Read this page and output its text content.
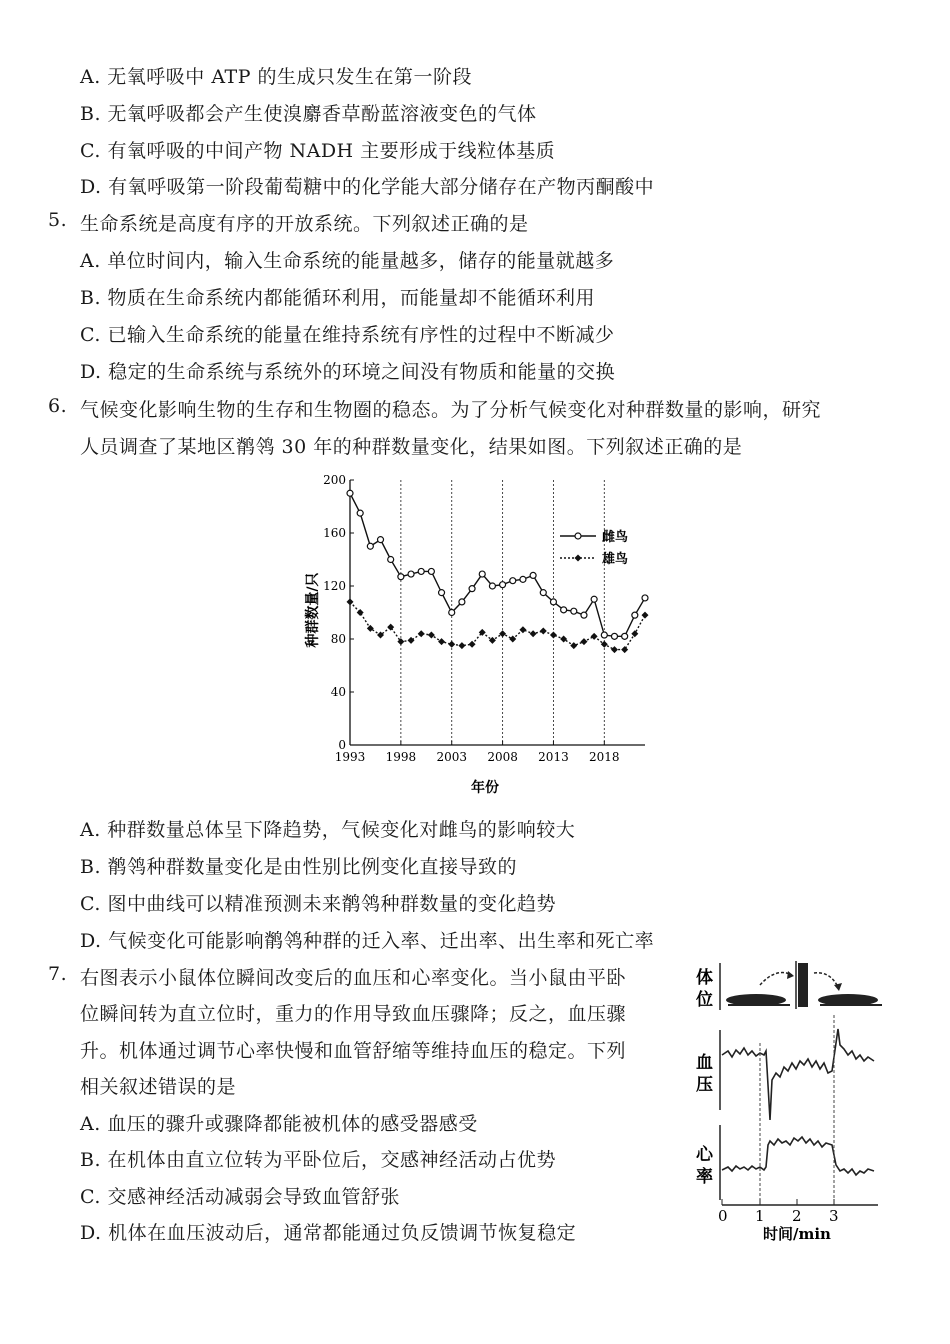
A. 无氧呼吸中 ATP 的生成只发生在第一阶段
B. 无氧呼吸都会产生使溴麝香草酚蓝溶液变色的气体
C. 有氧呼吸的中间产物 NADH 主要形成于线粒体基质
D. 有氧呼吸第一阶段葡萄糖中的化学能大部分储存在产物丙酮酸中
5. 生命系统是高度有序的开放系统。下列叙述正确的是
A. 单位时间内，输入生命系统的能量越多，储存的能量就越多
B. 物质在生命系统内都能循环利用，而能量却不能循环利用
C. 已输入生命系统的能量在维持系统有序性的过程中不断减少
D. 稳定的生命系统与系统外的环境之间没有物质和能量的交换
6. 气候变化影响生物的生存和生物圈的稳态。为了分析气候变化对种群数量的影响，研究
人员调查了某地区鹡鸰 30 年的种群数量变化，结果如图。下列叙述正确的是
0
40
80
120
160
200
1993 1998 2003 2008 2013 2018
雌鸟
雄鸟
种群数量/只
年份
A. 种群数量总体呈下降趋势，气候变化对雌鸟的影响较大
B. 鹡鸰种群数量变化是由性别比例变化直接导致的
C. 图中曲线可以精准预测未来鹡鸰种群数量的变化趋势
D. 气候变化可能影响鹡鸰种群的迁入率、迁出率、出生率和死亡率
7. 右图表示小鼠体位瞬间改变后的血压和心率变化。当小鼠由平卧
位瞬间转为直立位时，重力的作用导致血压骤降；反之，血压骤
升。机体通过调节心率快慢和血管舒缩等维持血压的稳定。下列
相关叙述错误的是
A. 血压的骤升或骤降都能被机体的感受器感受
B. 在机体由直立位转为平卧位后，交感神经活动占优势
C. 交感神经活动减弱会导致血管舒张
D. 机体在血压波动后，通常都能通过负反馈调节恢复稳定
体
位
血
压
心
率
0 1 2 3
时间/min
